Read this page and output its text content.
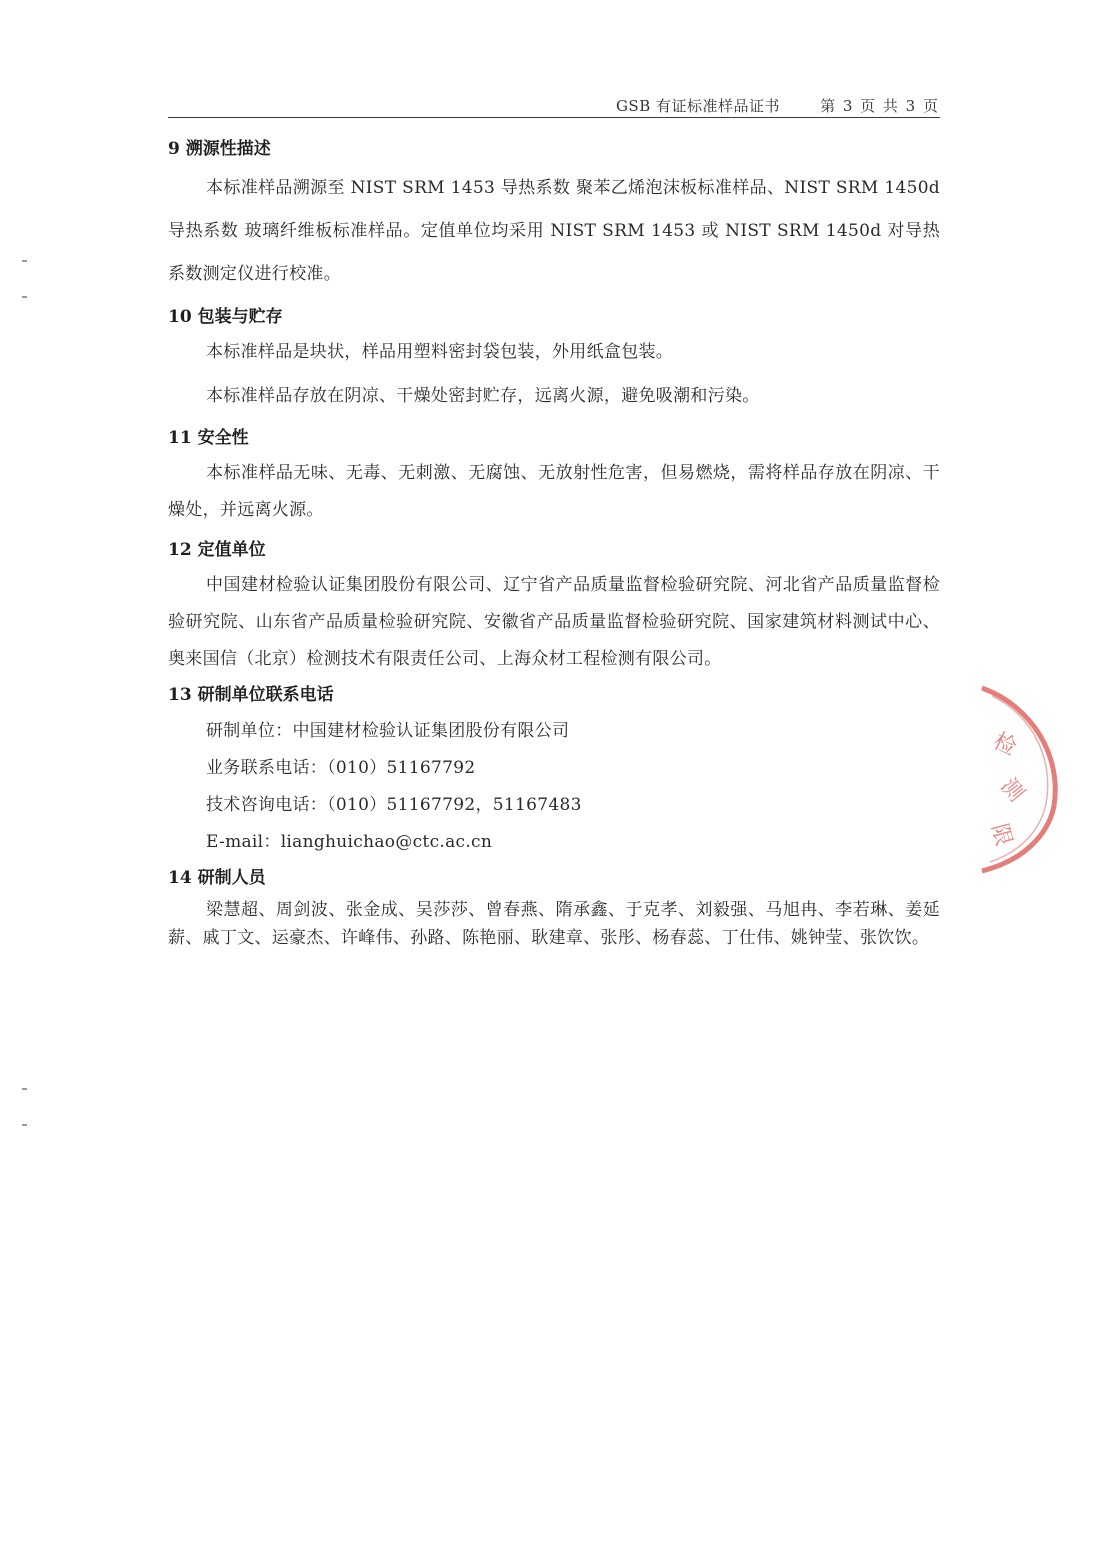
GSB 有证标准样品证书	第 3 页 共 3 页
9 溯源性描述

本标准样品溯源至 NIST SRM 1453 导热系数 聚苯乙烯泡沫板标准样品、NIST SRM 1450d 导热系数 玻璃纤维板标准样品。定值单位均采用 NIST SRM 1453 或 NIST SRM 1450d 对导热系数测定仪进行校准。

10 包装与贮存

本标准样品是块状，样品用塑料密封袋包装，外用纸盒包装。

本标准样品存放在阴凉、干燥处密封贮存，远离火源，避免吸潮和污染。

11 安全性

本标准样品无味、无毒、无刺激、无腐蚀、无放射性危害，但易燃烧，需将样品存放在阴凉、干燥处，并远离火源。

12 定值单位

中国建材检验认证集团股份有限公司、辽宁省产品质量监督检验研究院、河北省产品质量监督检验研究院、山东省产品质量检验研究院、安徽省产品质量监督检验研究院、国家建筑材料测试中心、奥来国信（北京）检测技术有限责任公司、上海众材工程检测有限公司。

13 研制单位联系电话

研制单位：中国建材检验认证集团股份有限公司

业务联系电话：（010）51167792

技术咨询电话：（010）51167792，51167483

E-mail：lianghuichao@ctc.ac.cn

14 研制人员

梁慧超、周剑波、张金成、吴莎莎、曾春燕、隋承鑫、于克孝、刘毅强、马旭冉、李若琳、姜延薪、戚丁文、运豪杰、许峰伟、孙路、陈艳丽、耿建章、张彤、杨春蕊、丁仕伟、姚钟莹、张饮饮。

检
测
限
